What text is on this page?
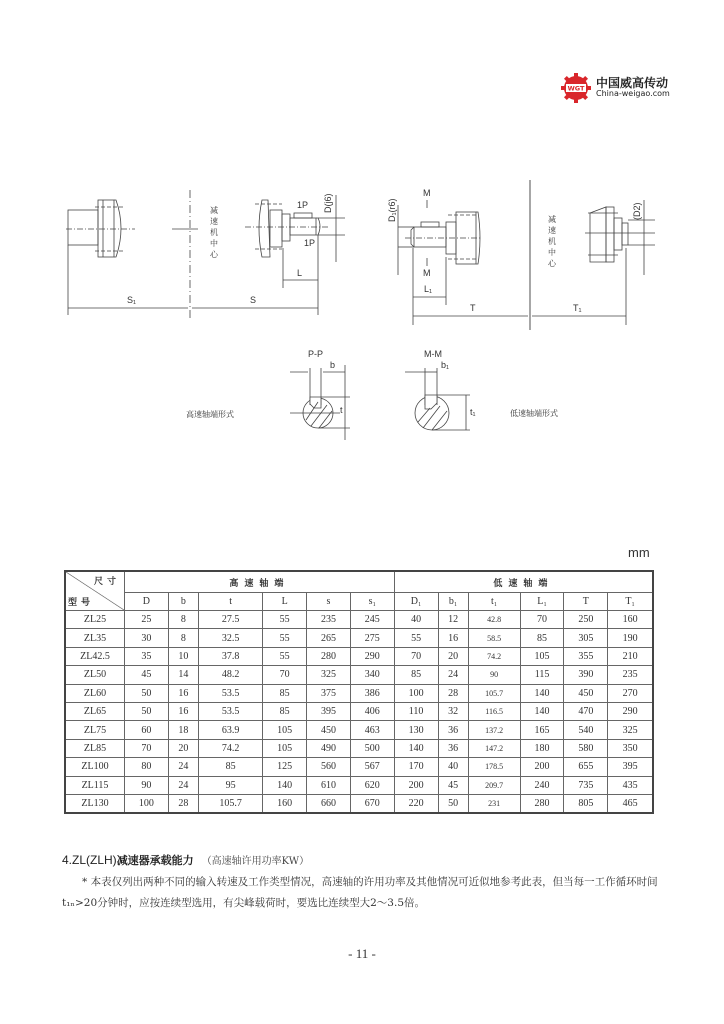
WGT 中国威高传动
China-weigao.com
减
速
机
中
心
1P
1P
D(j6)
L
S₁	S
M
M
D₁(r6)
L₁
减
速
机
中
心
(D2)
T	T₁
P-P
b
t
高速轴端形式
M-M
b₁
t₁	低速轴端形式
mm
尺寸
型号	高速轴端						低速轴端					
	D	b	t	L	s	s₁	D₁	b₁	t₁	L₁	T	T₁
ZL25	25	8	27.5	55	235	245	40	12	42.8	70	250	160
ZL35	30	8	32.5	55	265	275	55	16	58.5	85	305	190
ZL42.5	35	10	37.8	55	280	290	70	20	74.2	105	355	210
ZL50	45	14	48.2	70	325	340	85	24	90	115	390	235
ZL60	50	16	53.5	85	375	386	100	28	105.7	140	450	270
ZL65	50	16	53.5	85	395	406	110	32	116.5	140	470	290
ZL75	60	18	63.9	105	450	463	130	36	137.2	165	540	325
ZL85	70	20	74.2	105	490	500	140	36	147.2	180	580	350
ZL100	80	24	85	125	560	567	170	40	178.5	200	655	395
ZL115	90	24	95	140	610	620	200	45	209.7	240	735	435
ZL130	100	28	105.7	160	660	670	220	50	231	280	805	465
4.ZL(ZLH)减速器承载能力 （高速轴许用功率KW）
* 本表仅列出两种不同的输入转速及工作类型情况，高速轴的许用功率及其他情况可近似地参考此表，但当每一工作循环时间t₁ₙ>20分钟时，应按连续型选用，有尖峰载荷时，要选比连续型大2～3.5倍。
- 11 -
